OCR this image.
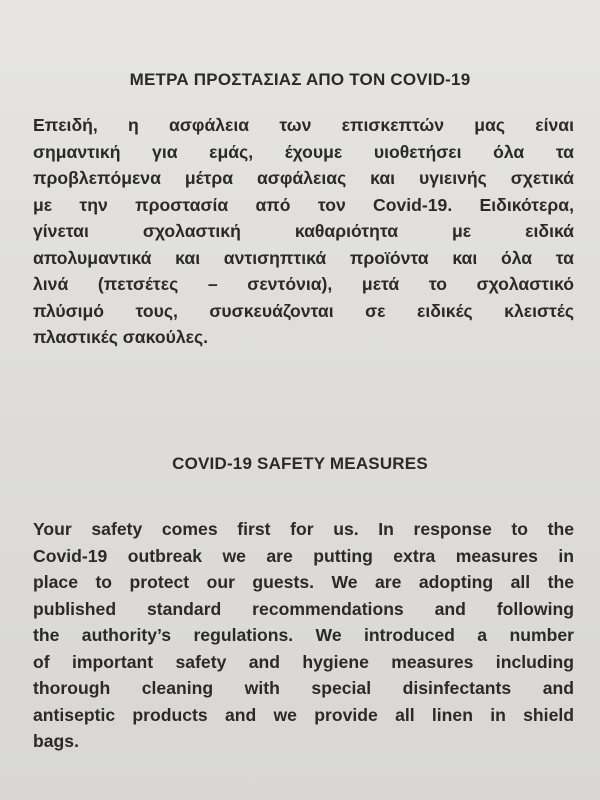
ΜΕΤΡΑ ΠΡΟΣΤΑΣΙΑΣ ΑΠΟ ΤΟΝ COVID-19
Επειδή, η ασφάλεια των επισκεπτών μας είναι
σημαντική για εμάς, έχουμε υιοθετήσει όλα τα
προβλεπόμενα μέτρα ασφάλειας και υγιεινής σχετικά
με την προστασία από τον Covid-19. Ειδικότερα,
γίνεται σχολαστική καθαριότητα με ειδικά
απολυμαντικά και αντισηπτικά προϊόντα και όλα τα
λινά (πετσέτες – σεντόνια), μετά το σχολαστικό
πλύσιμό τους, συσκευάζονται σε ειδικές κλειστές
πλαστικές σακούλες.
COVID-19 SAFETY MEASURES
Your safety comes first for us. In response to the
Covid-19 outbreak we are putting extra measures in
place to protect our guests. We are adopting all the
published standard recommendations and following
the authority’s regulations. We introduced a number
of important safety and hygiene measures including
thorough cleaning with special disinfectants and
antiseptic products and we provide all linen in shield
bags.
